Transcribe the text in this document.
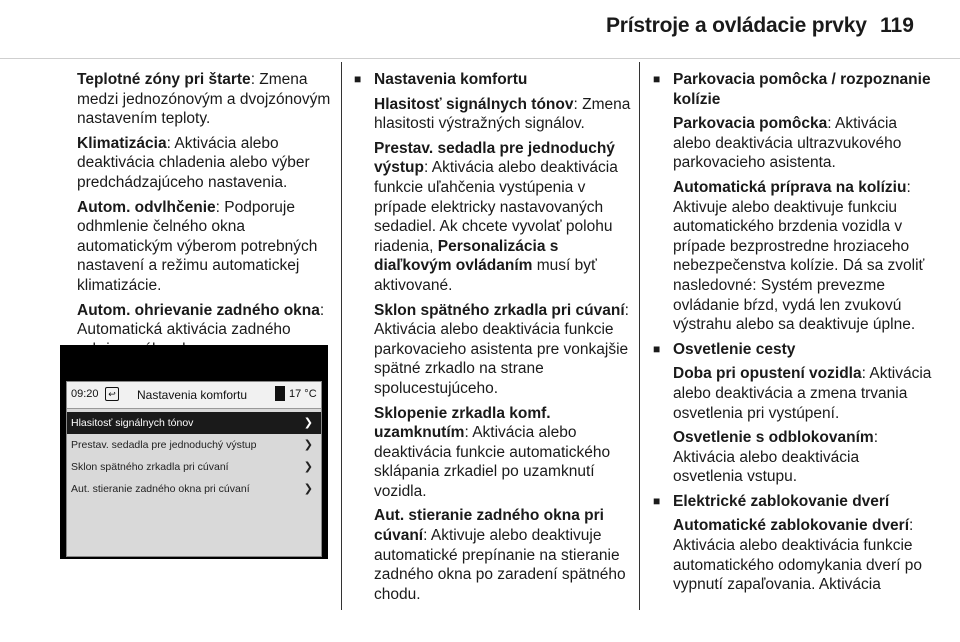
Prístroje a ovládacie prvky 119

Teplotné zóny pri štarte: Zmena medzi jednozónovým a dvojzónovým nastavením teploty.

Klimatizácia: Aktivácia alebo deaktivácia chladenia alebo výber predchádzajúceho nastavenia.

Autom. odvlhčenie: Podporuje odhmlenie čelného okna automatickým výberom potrebných nastavení a režimu automatickej klimatizácie.

Autom. ohrievanie zadného okna: Automatická aktivácia zadného

09:20	↩ Nastavenia komfortu	17 °C
Hlasitosť signálnych tónov	❯
Prestav. sedadla pre jednoduchý výstup	❯
Sklon spätného zrkadla pri cúvaní	❯
Aut. stieranie zadného okna pri cúvaní	❯

■ Nastavenia komfortu

Hlasitosť signálnych tónov: Zmena hlasitosti výstražných signálov.

Prestav. sedadla pre jednoduchý výstup: Aktivácia alebo deaktivácia funkcie uľahčenia vystúpenia v prípade elektricky nastavovaných sedadiel. Ak chcete vyvolať polohu riadenia, Personalizácia s diaľkovým ovládaním musí byť aktivované.

Sklon spätného zrkadla pri cúvaní: Aktivácia alebo deaktivácia funkcie parkovacieho asistenta pre vonkajšie spätné zrkadlo na strane spolucestujúceho.

Sklopenie zrkadla komf. uzamknutím: Aktivácia alebo deaktivácia funkcie automatického sklápania zrkadiel po uzamknutí vozidla.

Aut. stieranie zadného okna pri cúvaní: Aktivuje alebo deaktivuje automatické prepínanie na stieranie zadného okna po zaradení spätného chodu.

■ Parkovacia pomôcka / rozpoznanie kolízie

Parkovacia pomôcka: Aktivácia alebo deaktivácia ultrazvukového parkovacieho asistenta.

Automatická príprava na kolíziu: Aktivuje alebo deaktivuje funkciu automatického brzdenia vozidla v prípade bezprostredne hroziaceho nebezpečenstva kolízie. Dá sa zvoliť nasledovné: Systém prevezme ovládanie bŕzd, vydá len zvukovú výstrahu alebo sa deaktivuje úplne.

■ Osvetlenie cesty

Doba pri opustení vozidla: Aktivácia alebo deaktivácia a zmena trvania osvetlenia pri vystúpení.

Osvetlenie s odblokovaním: Aktivácia alebo deaktivácia osvetlenia vstupu.

■ Elektrické zablokovanie dverí

Automatické zablokovanie dverí: Aktivácia alebo deaktivácia funkcie automatického odomykania dverí po vypnutí zapaľovania. Aktivácia
